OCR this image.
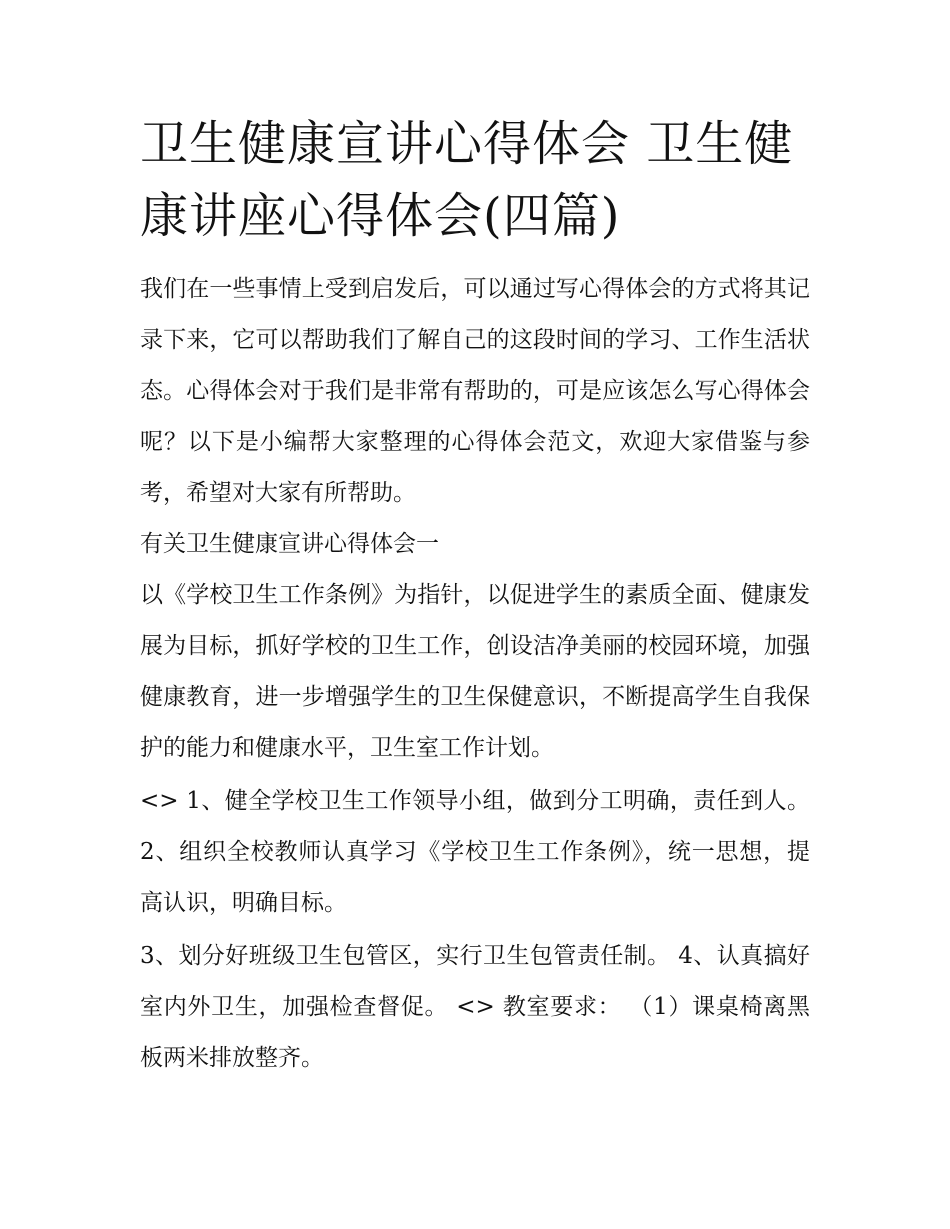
卫生健康宣讲心得体会 卫生健康讲座心得体会(四篇)

我们在一些事情上受到启发后，可以通过写心得体会的方式将其记录下来，它可以帮助我们了解自己的这段时间的学习、工作生活状态。心得体会对于我们是非常有帮助的，可是应该怎么写心得体会呢？以下是小编帮大家整理的心得体会范文，欢迎大家借鉴与参考，希望对大家有所帮助。

有关卫生健康宣讲心得体会一

以《学校卫生工作条例》为指针，以促进学生的素质全面、健康发展为目标，抓好学校的卫生工作，创设洁净美丽的校园环境，加强健康教育，进一步增强学生的卫生保健意识，不断提高学生自我保护的能力和健康水平，卫生室工作计划。

<> 1、健全学校卫生工作领导小组，做到分工明确，责任到人。 2、组织全校教师认真学习《学校卫生工作条例》，统一思想，提高认识，明确目标。

3、划分好班级卫生包管区，实行卫生包管责任制。 4、认真搞好室内外卫生，加强检查督促。 <> 教室要求： （1）课桌椅离黑板两米排放整齐。
